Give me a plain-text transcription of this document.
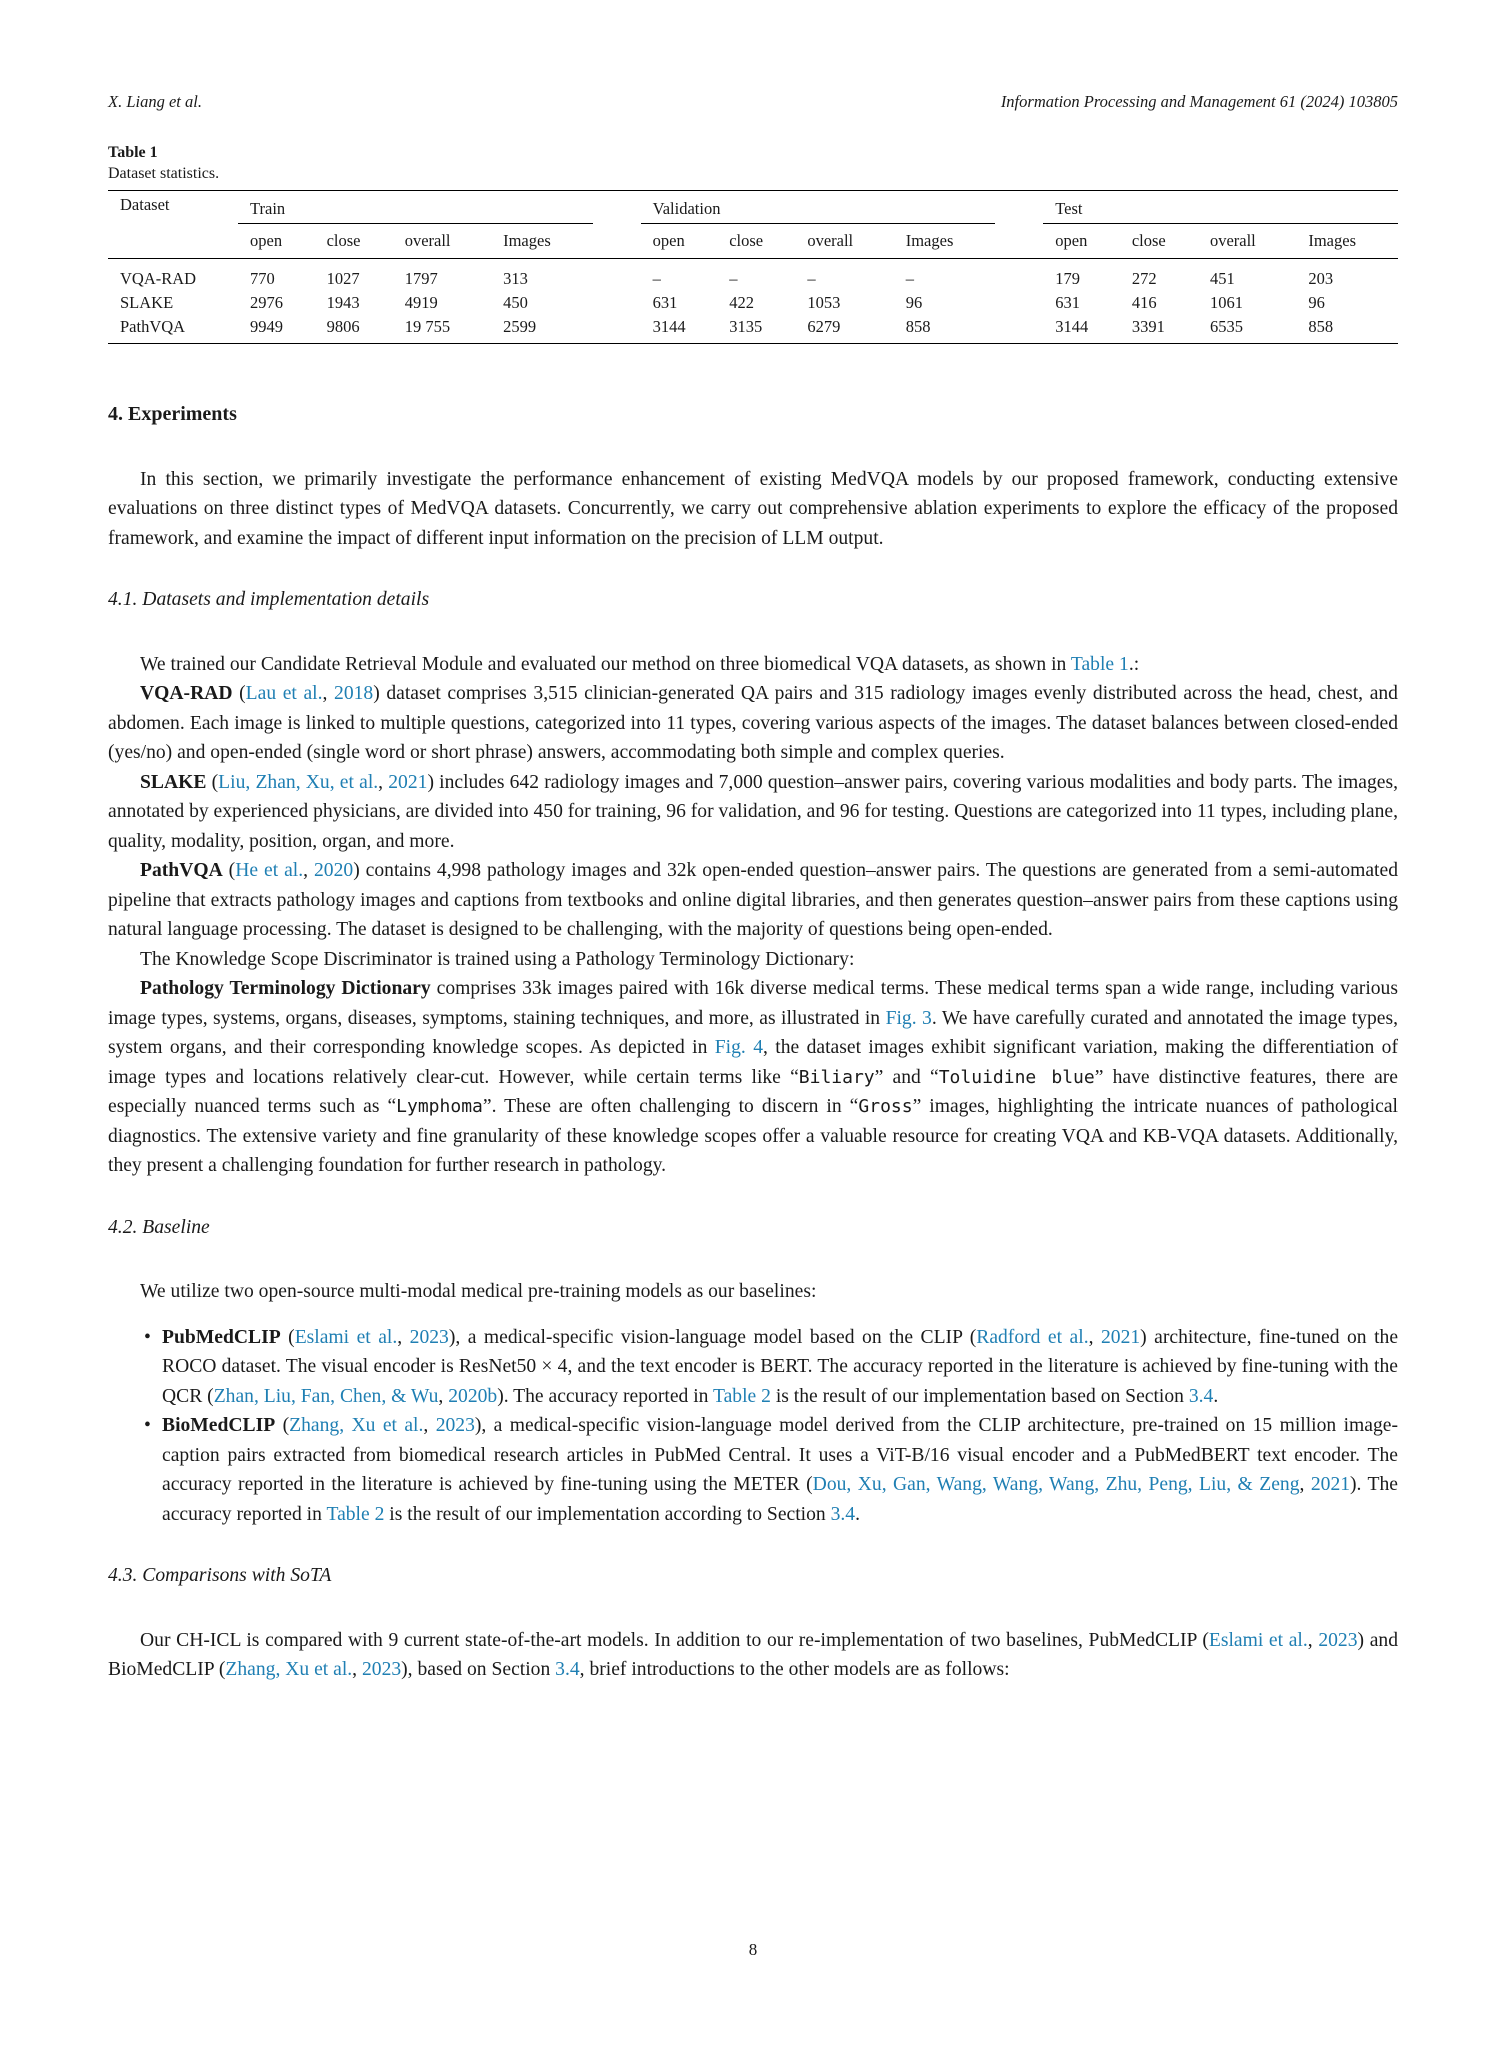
X. Liang et al.	Information Processing and Management 61 (2024) 103805
Table 1
Dataset statistics.
Dataset	Train					Validation					Test			
	open	close	overall	Images		open	close	overall	Images		open	close	overall	Images
VQA-RAD	770	1027	1797	313		–	–	–	–		179	272	451	203
SLAKE	2976	1943	4919	450		631	422	1053	96		631	416	1061	96
PathVQA	9949	9806	19 755	2599		3144	3135	6279	858		3144	3391	6535	858
4. Experiments

In this section, we primarily investigate the performance enhancement of existing MedVQA models by our proposed framework, conducting extensive evaluations on three distinct types of MedVQA datasets. Concurrently, we carry out comprehensive ablation experiments to explore the efficacy of the proposed framework, and examine the impact of different input information on the precision of LLM output.

4.1. Datasets and implementation details

We trained our Candidate Retrieval Module and evaluated our method on three biomedical VQA datasets, as shown in Table 1.:

VQA-RAD (Lau et al., 2018) dataset comprises 3,515 clinician-generated QA pairs and 315 radiology images evenly distributed across the head, chest, and abdomen. Each image is linked to multiple questions, categorized into 11 types, covering various aspects of the images. The dataset balances between closed-ended (yes/no) and open-ended (single word or short phrase) answers, accommodating both simple and complex queries.

SLAKE (Liu, Zhan, Xu, et al., 2021) includes 642 radiology images and 7,000 question–answer pairs, covering various modalities and body parts. The images, annotated by experienced physicians, are divided into 450 for training, 96 for validation, and 96 for testing. Questions are categorized into 11 types, including plane, quality, modality, position, organ, and more.

PathVQA (He et al., 2020) contains 4,998 pathology images and 32k open-ended question–answer pairs. The questions are generated from a semi-automated pipeline that extracts pathology images and captions from textbooks and online digital libraries, and then generates question–answer pairs from these captions using natural language processing. The dataset is designed to be challenging, with the majority of questions being open-ended.

The Knowledge Scope Discriminator is trained using a Pathology Terminology Dictionary:

Pathology Terminology Dictionary comprises 33k images paired with 16k diverse medical terms. These medical terms span a wide range, including various image types, systems, organs, diseases, symptoms, staining techniques, and more, as illustrated in Fig. 3. We have carefully curated and annotated the image types, system organs, and their corresponding knowledge scopes. As depicted in Fig. 4, the dataset images exhibit significant variation, making the differentiation of image types and locations relatively clear-cut. However, while certain terms like “Biliary” and “Toluidine blue” have distinctive features, there are especially nuanced terms such as “Lymphoma”. These are often challenging to discern in “Gross” images, highlighting the intricate nuances of pathological diagnostics. The extensive variety and fine granularity of these knowledge scopes offer a valuable resource for creating VQA and KB-VQA datasets. Additionally, they present a challenging foundation for further research in pathology.

4.2. Baseline

We utilize two open-source multi-modal medical pre-training models as our baselines:

• PubMedCLIP (Eslami et al., 2023), a medical-specific vision-language model based on the CLIP (Radford et al., 2021) architecture, fine-tuned on the ROCO dataset. The visual encoder is ResNet50 × 4, and the text encoder is BERT. The accuracy reported in the literature is achieved by fine-tuning with the QCR (Zhan, Liu, Fan, Chen, & Wu, 2020b). The accuracy reported in Table 2 is the result of our implementation based on Section 3.4.
• BioMedCLIP (Zhang, Xu et al., 2023), a medical-specific vision-language model derived from the CLIP architecture, pre-trained on 15 million image-caption pairs extracted from biomedical research articles in PubMed Central. It uses a ViT-B/16 visual encoder and a PubMedBERT text encoder. The accuracy reported in the literature is achieved by fine-tuning using the METER (Dou, Xu, Gan, Wang, Wang, Wang, Zhu, Peng, Liu, & Zeng, 2021). The accuracy reported in Table 2 is the result of our implementation according to Section 3.4.
4.3. Comparisons with SoTA

Our CH-ICL is compared with 9 current state-of-the-art models. In addition to our re-implementation of two baselines, PubMedCLIP (Eslami et al., 2023) and BioMedCLIP (Zhang, Xu et al., 2023), based on Section 3.4, brief introductions to the other models are as follows:

8
